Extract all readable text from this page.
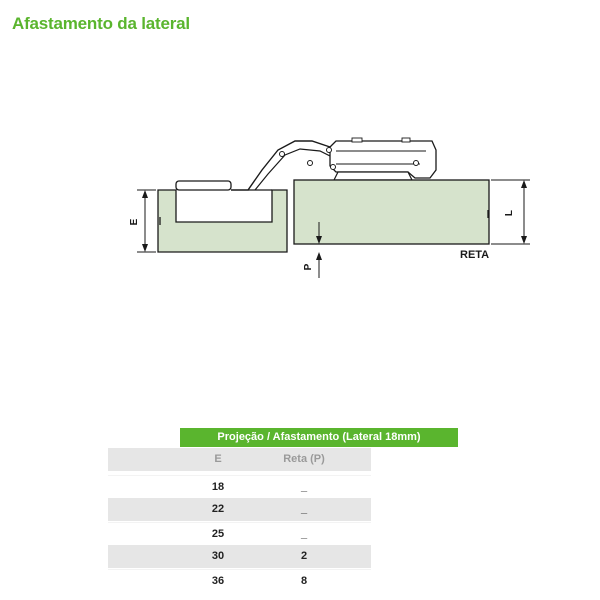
Afastamento da lateral
E
L
P
RETA
Projeção / Afastamento (Lateral 18mm)
E	Reta (P)
18	_
22	_
25	_
30	2
36	8
